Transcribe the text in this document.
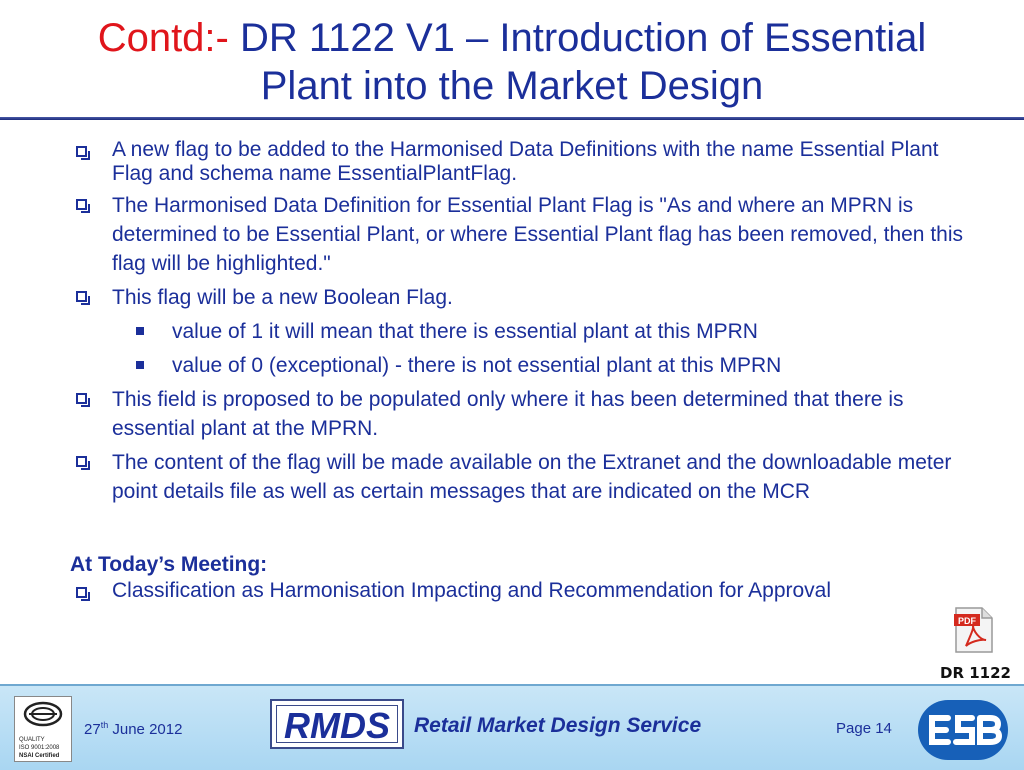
Contd:- DR 1122 V1 – Introduction of Essential
Plant into the Market Design
A new flag to be added to the Harmonised Data Definitions with the name Essential Plant Flag and schema name EssentialPlantFlag.
The Harmonised Data Definition for Essential Plant Flag is "As and where an MPRN is determined to be Essential Plant, or where Essential Plant flag has been removed, then this flag will be highlighted."
This flag will be a new Boolean Flag.
value of 1 it will mean that there is essential plant at this MPRN
value of 0 (exceptional) - there is not essential plant at this MPRN
This field is proposed to be populated only where it has been determined that there is essential plant at the MPRN.
The content of the flag will be made available on the Extranet and the downloadable meter point details file as well as certain messages that are indicated on the MCR
At Today’s Meeting:
Classification as Harmonisation Impacting and Recommendation for Approval
PDF
DR 1122
QUALITY
ISO 9001:2008
NSAI Certified
27th June 2012	RMDS	Retail Market Design Service	Page 14
